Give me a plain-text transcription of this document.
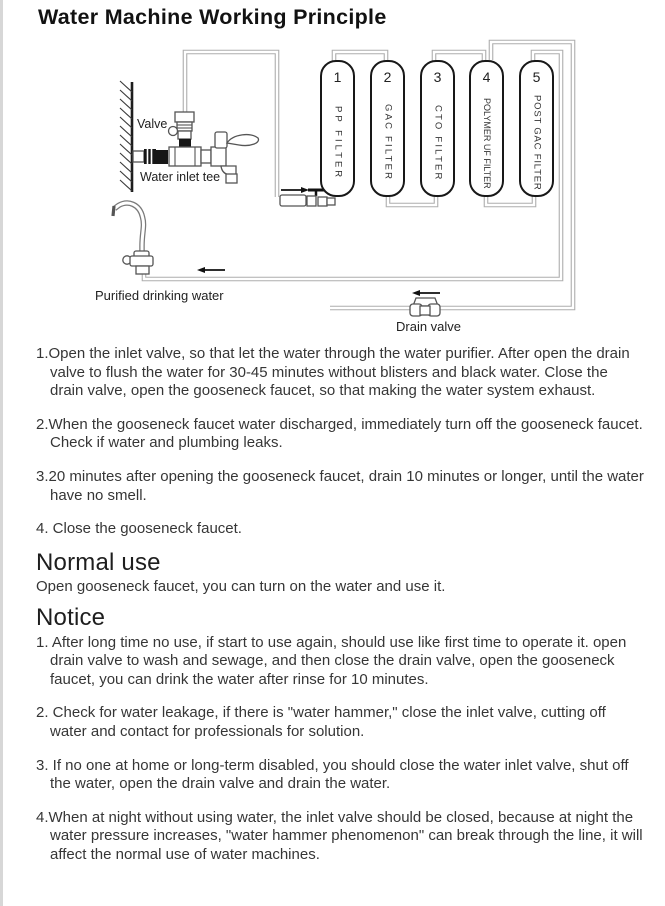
Water Machine Working Principle
1
PP FILTER
2
GAC FILTER
3
CTO FILTER
4
POLYMER UF FILTER
5
POST GAC FILTER
Valve
Water inlet tee
Purified drinking water
Drain valve

1.Open the inlet valve, so that let the water through the water purifier. After open the drain valve to flush the water for 30-45 minutes without blisters and black water. Close the drain valve, open the gooseneck faucet, so that making the water system exhaust.

2.When the gooseneck faucet water discharged, immediately turn off the gooseneck faucet. Check if water and plumbing leaks.

3.20 minutes after opening the gooseneck faucet, drain 10 minutes or longer, until the water have no smell.

4. Close the gooseneck faucet.

Normal use

Open gooseneck faucet, you can turn on the water and use it.

Notice

1. After long time no use, if start to use again, should use like first time to operate it. open drain valve to wash and sewage, and then close the drain valve, open the gooseneck faucet, you can drink the water after rinse for 10 minutes.

2. Check for water leakage, if there is "water hammer," close the inlet valve, cutting off water and contact for professionals for solution.

3. If no one at home or long-term disabled, you should close the water inlet valve, shut off the water, open the drain valve and drain the water.

4.When at night without using water, the inlet valve should be closed, because at night the water pressure increases, "water hammer phenomenon" can break through the line, it will affect the normal use of water machines.
